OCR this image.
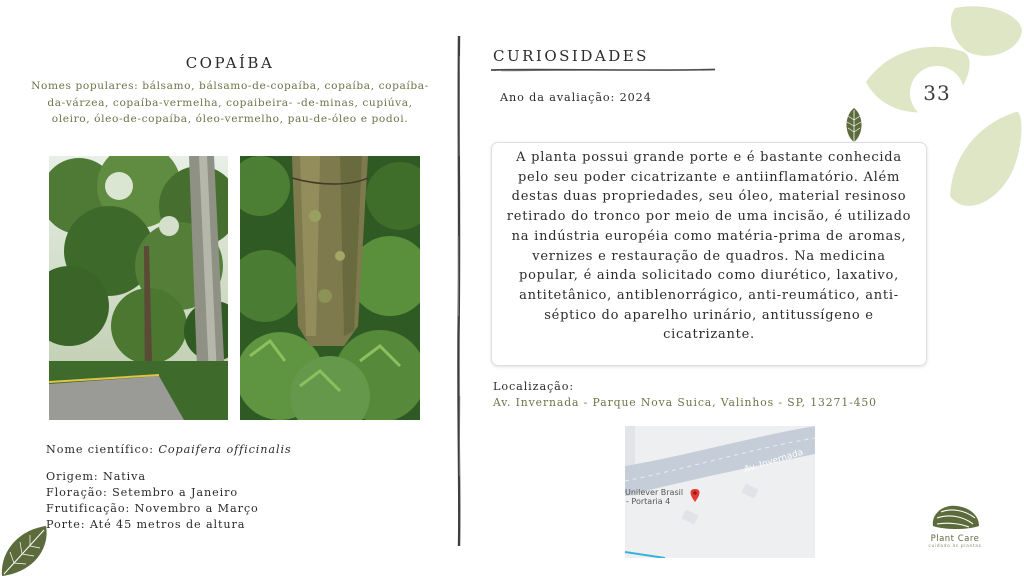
COPAÍBA
Nomes populares: bálsamo, bálsamo-de-copaíba, copaíba, copaíba-da-várzea, copaíba-vermelha, copaibeira- -de-minas, cupiúva, oleiro, óleo-de-copaíba, óleo-vermelho, pau-de-óleo e podoi.
Nome científico: Copaifera officinalis
Origem: Nativa
Floração: Setembro a Janeiro
Frutificação: Novembro a Março
Porte: Até 45 metros de altura
CURIOSIDADES
Ano da avaliação: 2024	33
A planta possui grande porte e é bastante conhecida pelo seu poder cicatrizante e antiinflamatório. Além destas duas propriedades, seu óleo, material resinoso retirado do tronco por meio de uma incisão, é utilizado na indústria européia como matéria-prima de aromas, vernizes e restauração de quadros. Na medicina popular, é ainda solicitado como diurético, laxativo, antitetânico, antiblenorrágico, anti-reumático, anti-séptico do aparelho urinário, antitussígeno e cicatrizante.
Localização:
Av. Invernada - Parque Nova Suica, Valinhos - SP, 13271-450
Av. Invernada
Unilever Brasil
- Portaria 4
Plant Care
cuidado às plantas
